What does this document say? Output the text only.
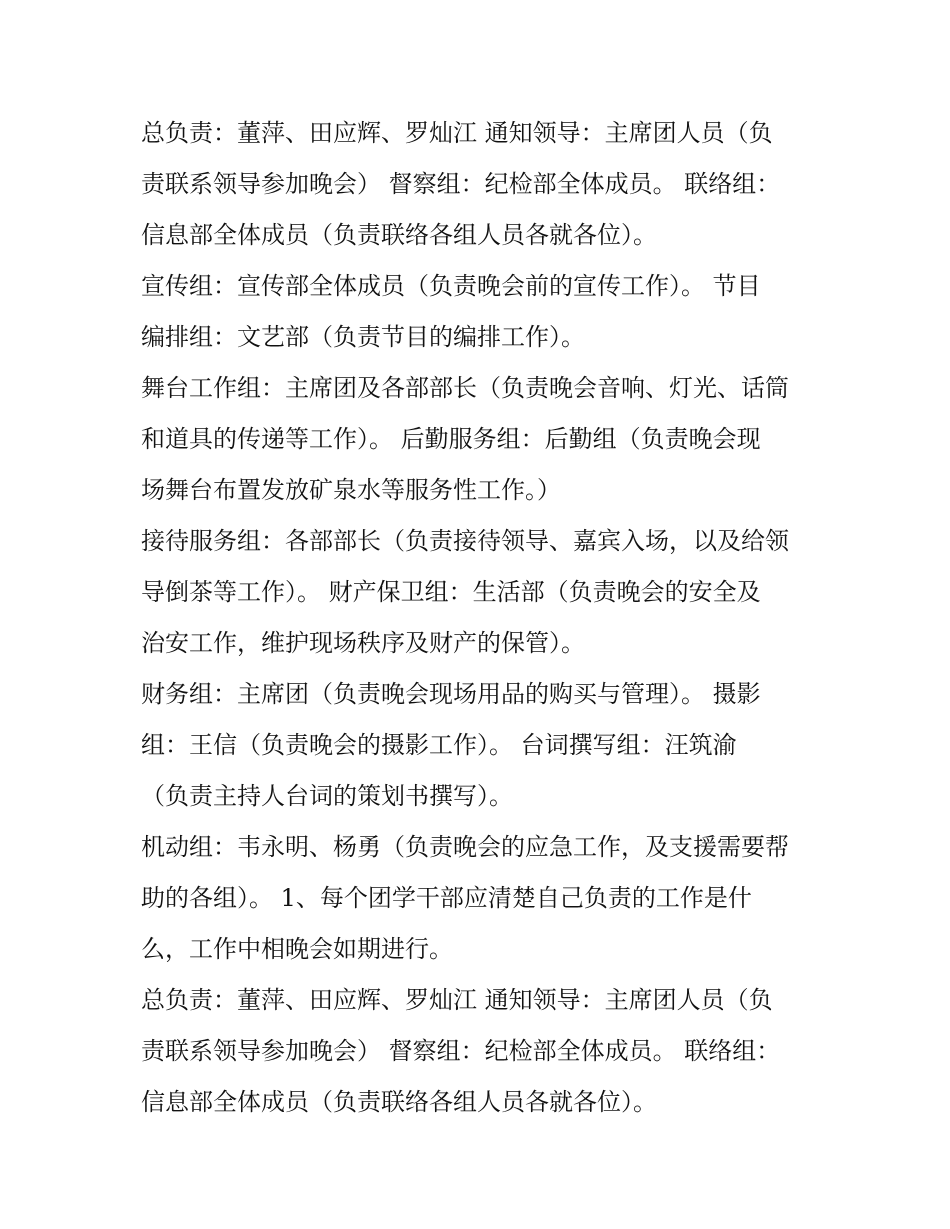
总负责：董萍、田应辉、罗灿江 通知领导：主席团人员（负
责联系领导参加晚会） 督察组：纪检部全体成员。 联络组：
信息部全体成员（负责联络各组人员各就各位）。

宣传组：宣传部全体成员（负责晚会前的宣传工作）。 节目
编排组：文艺部（负责节目的编排工作）。

舞台工作组：主席团及各部部长（负责晚会音响、灯光、话筒
和道具的传递等工作）。 后勤服务组：后勤组（负责晚会现
场舞台布置发放矿泉水等服务性工作。）

接待服务组：各部部长（负责接待领导、嘉宾入场，以及给领
导倒茶等工作）。 财产保卫组：生活部（负责晚会的安全及
治安工作，维护现场秩序及财产的保管）。

财务组：主席团（负责晚会现场用品的购买与管理）。 摄影
组：王信（负责晚会的摄影工作）。 台词撰写组：汪筑渝
（负责主持人台词的策划书撰写）。

机动组：韦永明、杨勇（负责晚会的应急工作，及支援需要帮
助的各组）。 1、每个团学干部应清楚自己负责的工作是什
么，工作中相晚会如期进行。

总负责：董萍、田应辉、罗灿江 通知领导：主席团人员（负
责联系领导参加晚会） 督察组：纪检部全体成员。 联络组：
信息部全体成员（负责联络各组人员各就各位）。
